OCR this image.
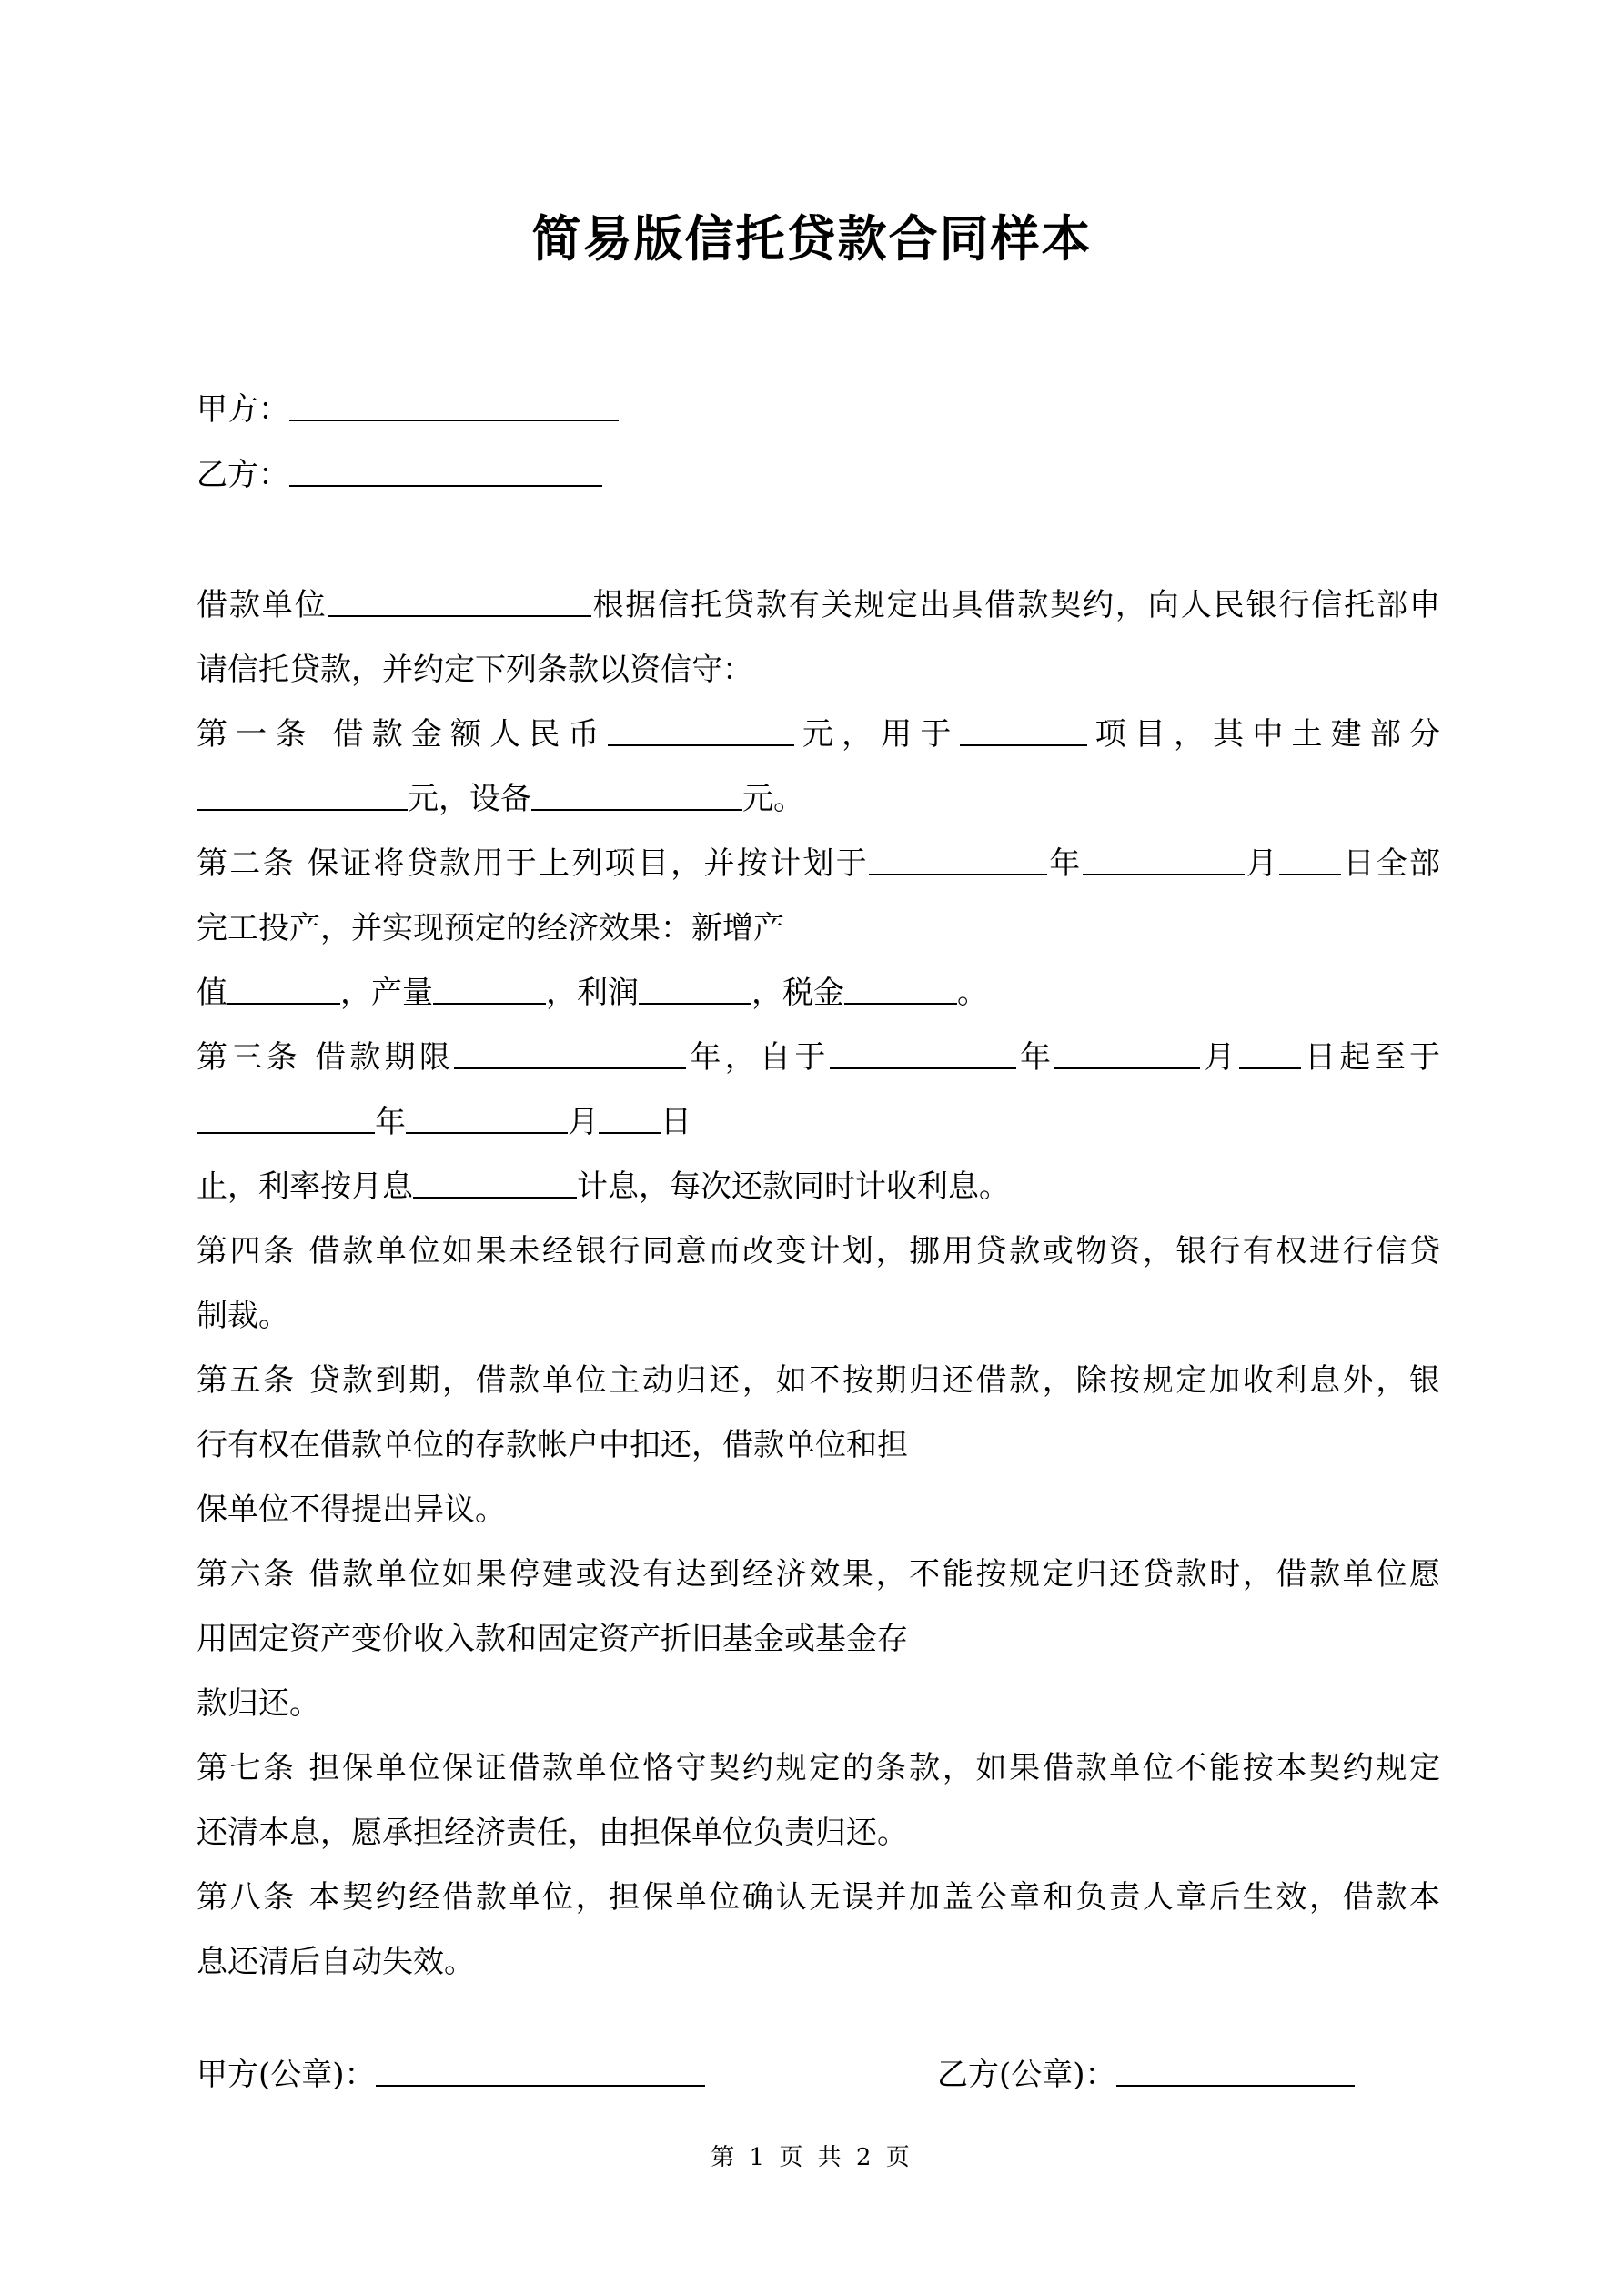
简易版信托贷款合同样本
甲方：
乙方：
借款单位	根据信托贷款有关规定出具借款契约，向人民银行信托部申
请信托贷款，并约定下列条款以资信守：
第一条 借款金额人民币	元，用于	项目，其中土建部分
元，设备	元。
第二条 保证将贷款用于上列项目，并按计划于	年	月 日全部
完工投产，并实现预定的经济效果：新增产
值	，产量	，利润	，税金	。
第三条 借款期限	年，自于	年	月 日起至于
年	月 日
止，利率按月息	计息，每次还款同时计收利息。
第四条 借款单位如果未经银行同意而改变计划，挪用贷款或物资，银行有权进行信贷
制裁。
第五条 贷款到期，借款单位主动归还，如不按期归还借款，除按规定加收利息外，银
行有权在借款单位的存款帐户中扣还，借款单位和担
保单位不得提出异议。
第六条 借款单位如果停建或没有达到经济效果，不能按规定归还贷款时，借款单位愿
用固定资产变价收入款和固定资产折旧基金或基金存
款归还。
第七条 担保单位保证借款单位恪守契约规定的条款，如果借款单位不能按本契约规定
还清本息，愿承担经济责任，由担保单位负责归还。
第八条 本契约经借款单位，担保单位确认无误并加盖公章和负责人章后生效，借款本
息还清后自动失效。
甲方(公章)：	乙方(公章)：
第 1 页 共 2 页
